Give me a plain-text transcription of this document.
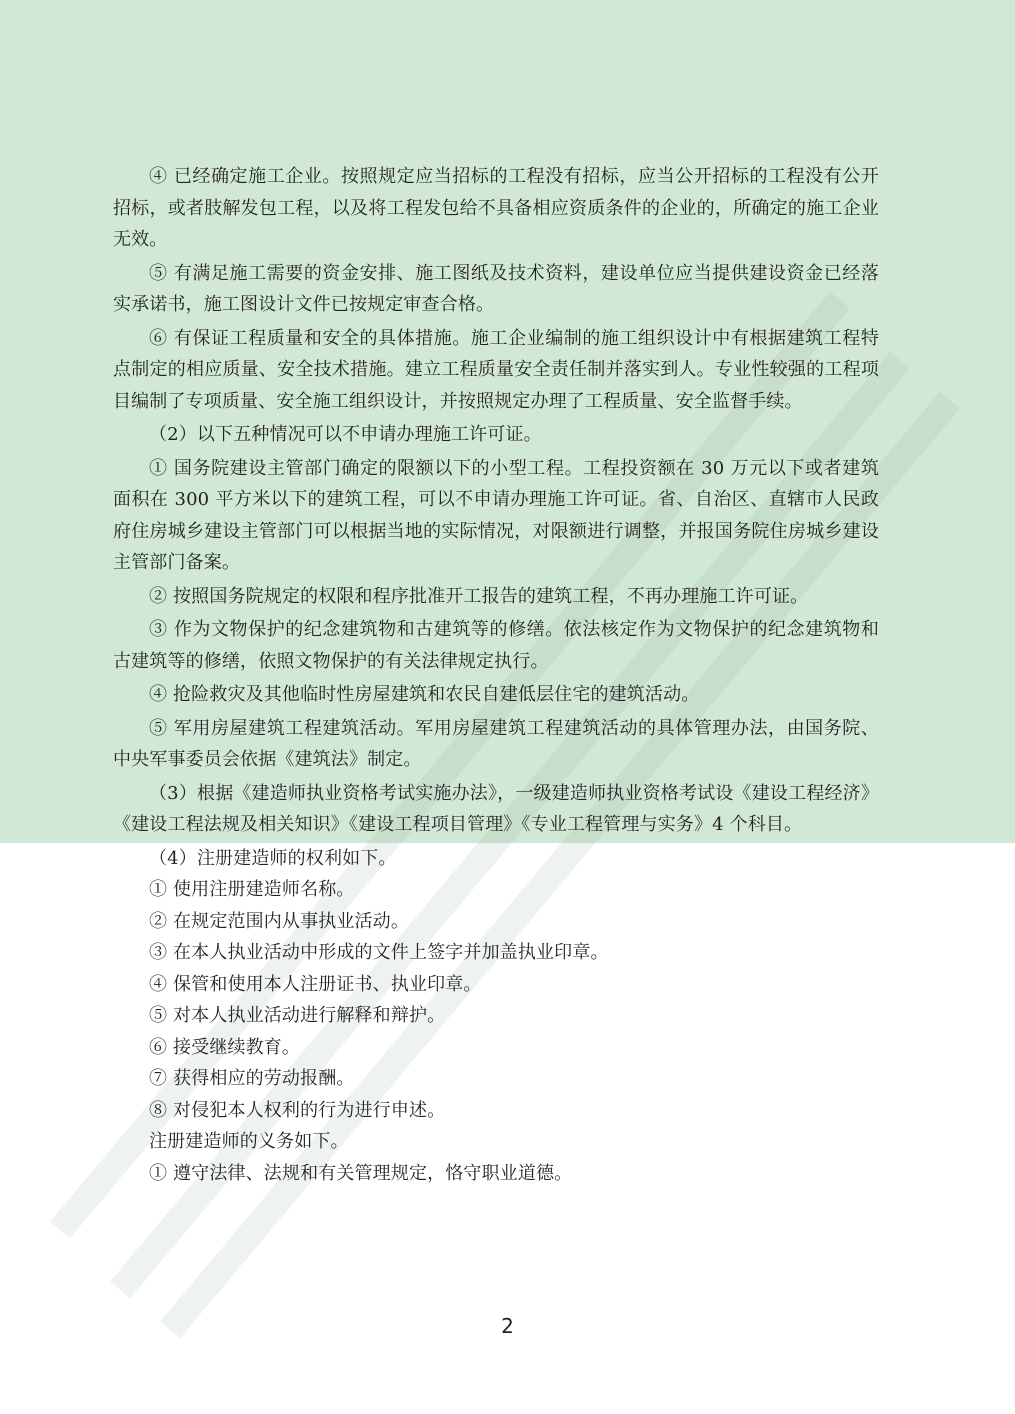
④ 已经确定施工企业。按照规定应当招标的工程没有招标，应当公开招标的工程没有公开招标，或者肢解发包工程，以及将工程发包给不具备相应资质条件的企业的，所确定的施工企业无效。

⑤ 有满足施工需要的资金安排、施工图纸及技术资料，建设单位应当提供建设资金已经落实承诺书，施工图设计文件已按规定审查合格。

⑥ 有保证工程质量和安全的具体措施。施工企业编制的施工组织设计中有根据建筑工程特点制定的相应质量、安全技术措施。建立工程质量安全责任制并落实到人。专业性较强的工程项目编制了专项质量、安全施工组织设计，并按照规定办理了工程质量、安全监督手续。

（2）以下五种情况可以不申请办理施工许可证。

① 国务院建设主管部门确定的限额以下的小型工程。工程投资额在 30 万元以下或者建筑面积在 300 平方米以下的建筑工程，可以不申请办理施工许可证。省、自治区、直辖市人民政府住房城乡建设主管部门可以根据当地的实际情况，对限额进行调整，并报国务院住房城乡建设主管部门备案。

② 按照国务院规定的权限和程序批准开工报告的建筑工程，不再办理施工许可证。

③ 作为文物保护的纪念建筑物和古建筑等的修缮。依法核定作为文物保护的纪念建筑物和古建筑等的修缮，依照文物保护的有关法律规定执行。

④ 抢险救灾及其他临时性房屋建筑和农民自建低层住宅的建筑活动。

⑤ 军用房屋建筑工程建筑活动。军用房屋建筑工程建筑活动的具体管理办法，由国务院、中央军事委员会依据《建筑法》制定。

（3）根据《建造师执业资格考试实施办法》，一级建造师执业资格考试设《建设工程经济》《建设工程法规及相关知识》《建设工程项目管理》《专业工程管理与实务》4 个科目。

（4）注册建造师的权利如下。

① 使用注册建造师名称。

② 在规定范围内从事执业活动。

③ 在本人执业活动中形成的文件上签字并加盖执业印章。

④ 保管和使用本人注册证书、执业印章。

⑤ 对本人执业活动进行解释和辩护。

⑥ 接受继续教育。

⑦ 获得相应的劳动报酬。

⑧ 对侵犯本人权利的行为进行申述。

注册建造师的义务如下。

① 遵守法律、法规和有关管理规定，恪守职业道德。

2
